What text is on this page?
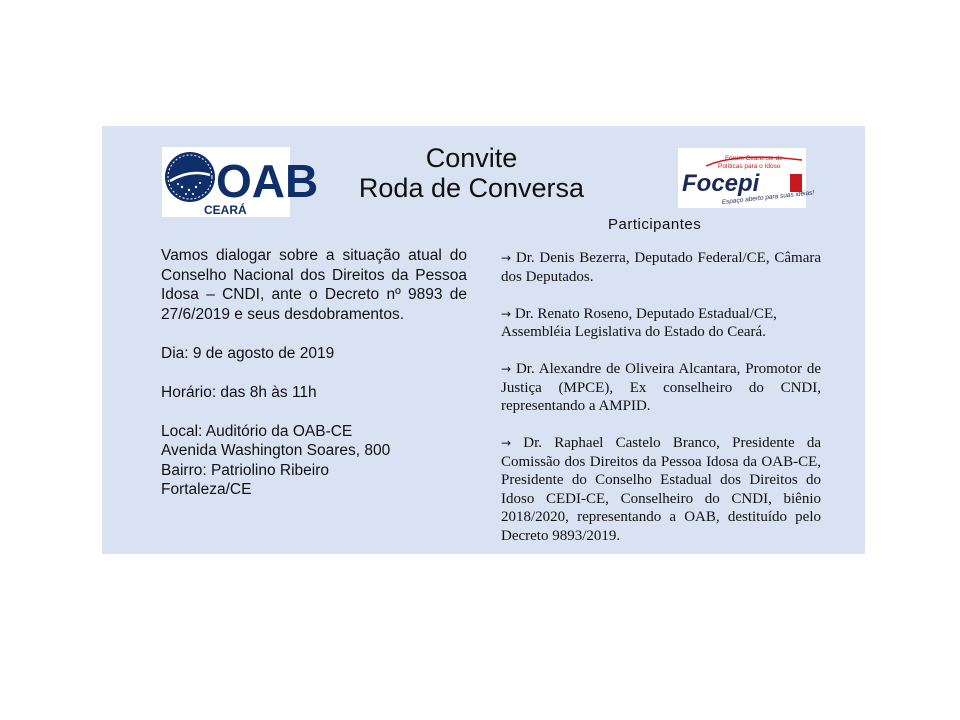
OAB
CEARÁ
Convite
Roda de Conversa
Fórum Cearense de
Políticas para o Idoso
Focepi
Espaço aberto para suas idéias!
Participantes

Vamos dialogar sobre a situação atual do Conselho Nacional dos Direitos da Pessoa Idosa – CNDI, ante o Decreto nº 9893 de 27/6/2019 e seus desdobramentos.

Dia: 9 de agosto de 2019

Horário: das 8h às 11h

Local: Auditório da OAB-CE

Avenida Washington Soares, 800

Bairro: Patriolino Ribeiro

Fortaleza/CE

→ Dr. Denis Bezerra, Deputado Federal/CE, Câmara dos Deputados.

→ Dr. Renato Roseno, Deputado Estadual/CE,

Assembléia Legislativa do Estado do Ceará.

→ Dr. Alexandre de Oliveira Alcantara, Promotor de Justiça (MPCE), Ex conselheiro do CNDI, representando a AMPID.

→ Dr. Raphael Castelo Branco, Presidente da Comissão dos Direitos da Pessoa Idosa da OAB-CE, Presidente do Conselho Estadual dos Direitos do Idoso CEDI-CE, Conselheiro do CNDI, biênio 2018/2020, representando a OAB, destituído pelo Decreto 9893/2019.
